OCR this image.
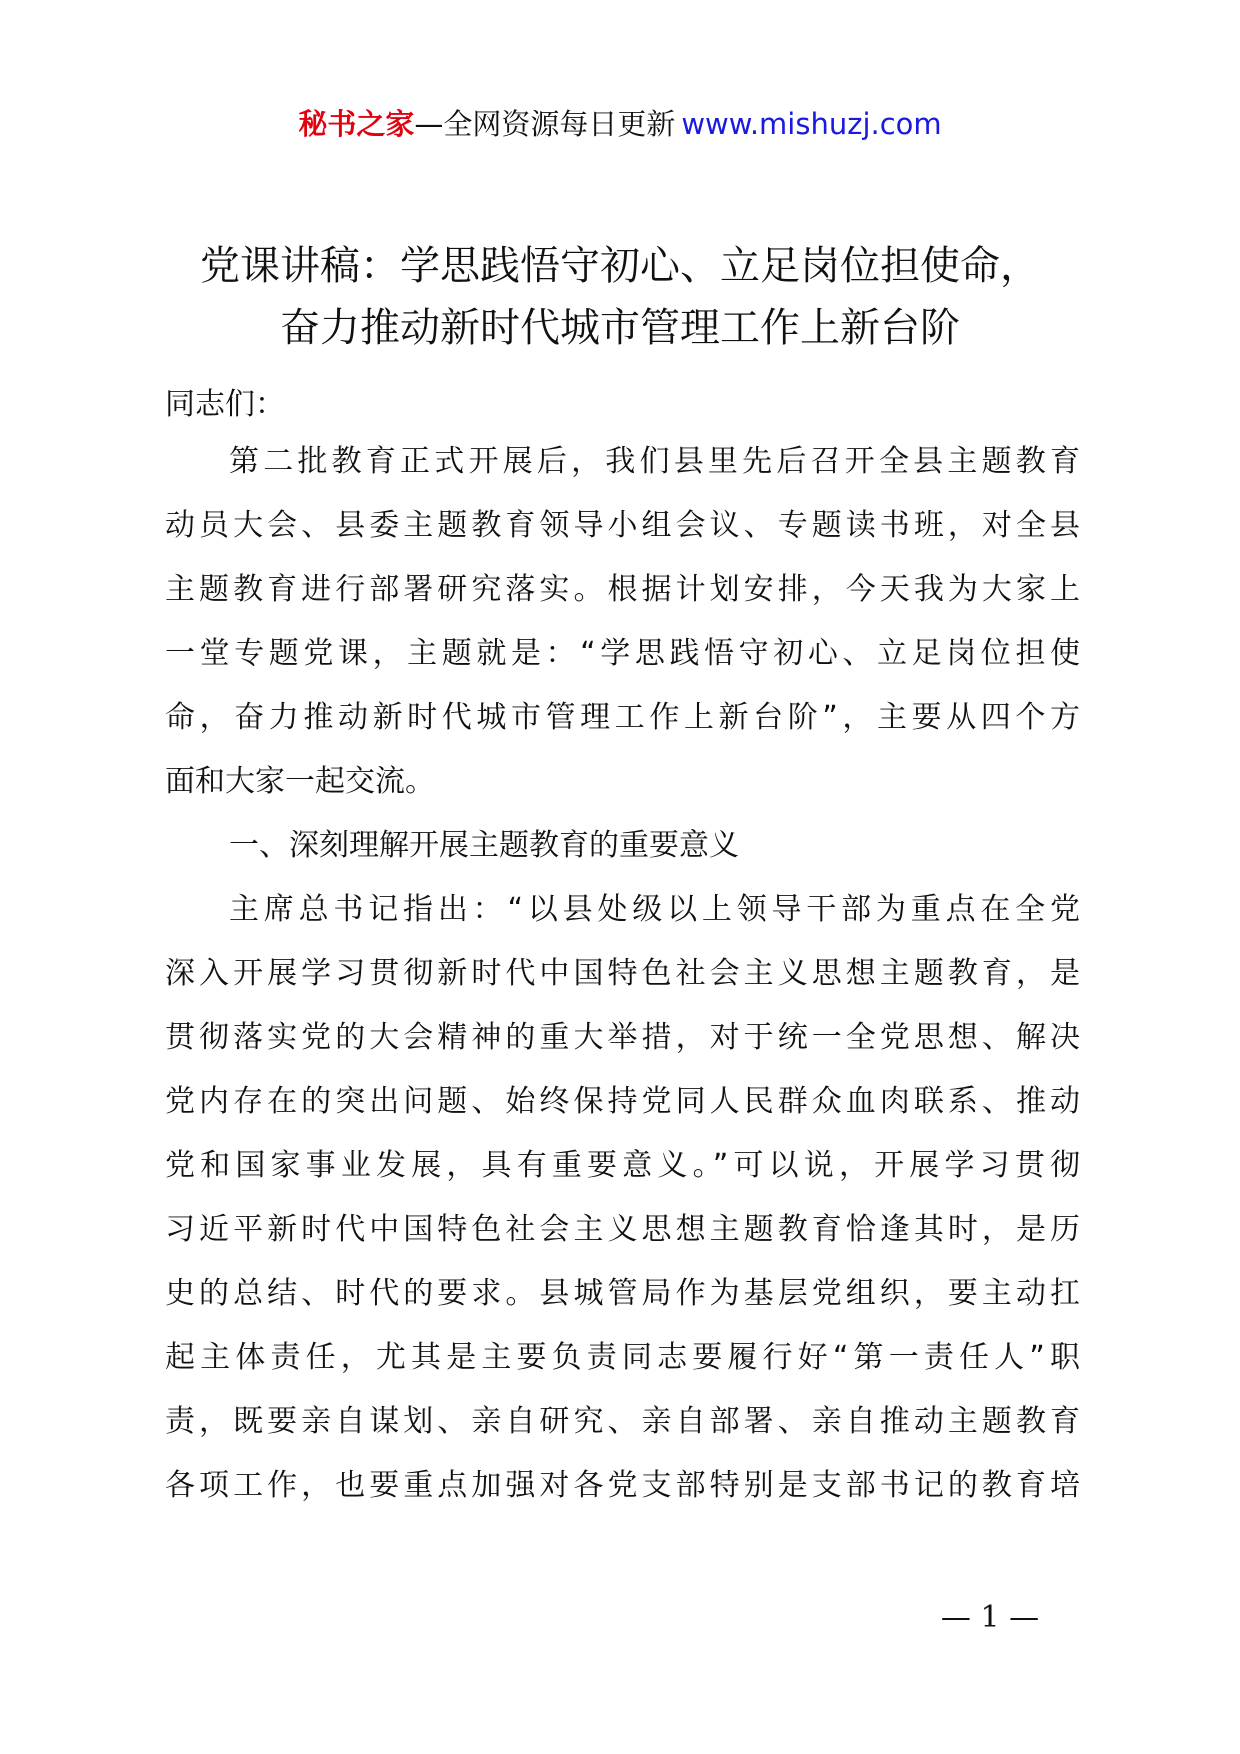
秘书之家—全网资源每日更新 www.mishuzj.com
党课讲稿：学思践悟守初心、立足岗位担使命，
奋力推动新时代城市管理工作上新台阶
同志们：
第二批教育正式开展后，我们县里先后召开全县主题教育
动员大会、县委主题教育领导小组会议、专题读书班，对全县
主题教育进行部署研究落实。根据计划安排，今天我为大家上
一堂专题党课，主题就是：“学思践悟守初心、立足岗位担使
命，奋力推动新时代城市管理工作上新台阶”，主要从四个方
面和大家一起交流。
一、深刻理解开展主题教育的重要意义
主席总书记指出：“以县处级以上领导干部为重点在全党
深入开展学习贯彻新时代中国特色社会主义思想主题教育，是
贯彻落实党的大会精神的重大举措，对于统一全党思想、解决
党内存在的突出问题、始终保持党同人民群众血肉联系、推动
党和国家事业发展，具有重要意义。”可以说，开展学习贯彻
习近平新时代中国特色社会主义思想主题教育恰逢其时，是历
史的总结、时代的要求。县城管局作为基层党组织，要主动扛
起主体责任，尤其是主要负责同志要履行好“第一责任人”职
责，既要亲自谋划、亲自研究、亲自部署、亲自推动主题教育
各项工作，也要重点加强对各党支部特别是支部书记的教育培
— 1 —
